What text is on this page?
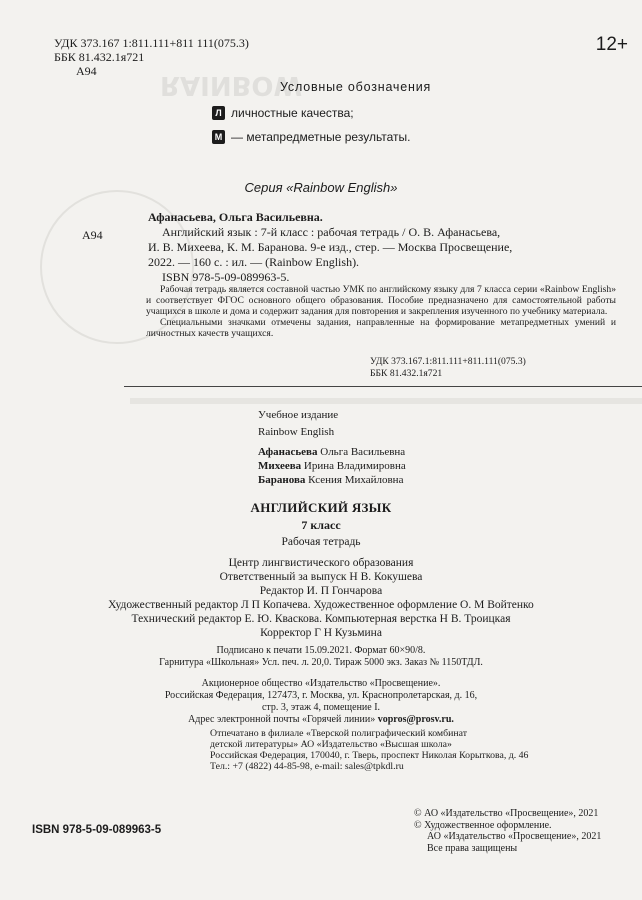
RAINBOW
УДК 373.167 1:811.111+811 111(075.3)
ББК 81.432.1я721
А94
12+
Условные обозначения
Л личностные качества;
М — метапредметные результаты.
Серия «Rainbow English»
А94
Афанасьева, Ольга Васильевна.
Английский язык : 7-й класс : рабочая тетрадь / О. В. Афанасьева,
И. В. Михеева, К. М. Баранова. 9-е изд., стер. — Москва Просвещение,
2022. — 160 с. : ил. — (Rainbow English).
ISBN 978-5-09-089963-5.

Рабочая тетрадь является составной частью УМК по английскому языку для 7 класса серии «Rainbow English» и соответствует ФГОС основного общего образования. Пособие предназначено для самостоятельной работы учащихся в школе и дома и содержит задания для повторения и закрепления изученного по учебнику материала.

Специальными значками отмечены задания, направленные на формирование метапредметных умений и личностных качеств учащихся.

УДК 373.167.1:811.111+811.111(075.3)
ББК 81.432.1я721
Учебное издание
Rainbow English
Афанасьева Ольга Васильевна
Михеева Ирина Владимировна
Баранова Ксения Михайловна
АНГЛИЙСКИЙ ЯЗЫК
7 класс
Рабочая тетрадь
Центр лингвистического образования
Ответственный за выпуск Н В. Кокушева
Редактор И. П Гончарова
Художественный редактор Л П Копачева. Художественное оформление О. М Войтенко
Технический редактор Е. Ю. Кваскова. Компьютерная верстка Н В. Троицкая
Корректор Г Н Кузьмина
Подписано к печати 15.09.2021. Формат 60×90/8.
Гарнитура «Школьная» Усл. печ. л. 20,0. Тираж 5000 экз. Заказ № 1150ТДЛ.
Акционерное общество «Издательство «Просвещение».
Российская Федерация, 127473, г. Москва, ул. Краснопролетарская, д. 16,
стр. 3, этаж 4, помещение I.
Адрес электронной почты «Горячей линии» vopros@prosv.ru.
Отпечатано в филиале «Тверской полиграфический комбинат
детской литературы» АО «Издательство «Высшая школа»
Российская Федерация, 170040, г. Тверь, проспект Николая Корыткова, д. 46
Тел.: +7 (4822) 44-85-98, e-mail: sales@tpkdl.ru
ISBN 978-5-09-089963-5
© АО «Издательство «Просвещение», 2021
© Художественное оформление.
АО «Издательство «Просвещение», 2021
Все права защищены
